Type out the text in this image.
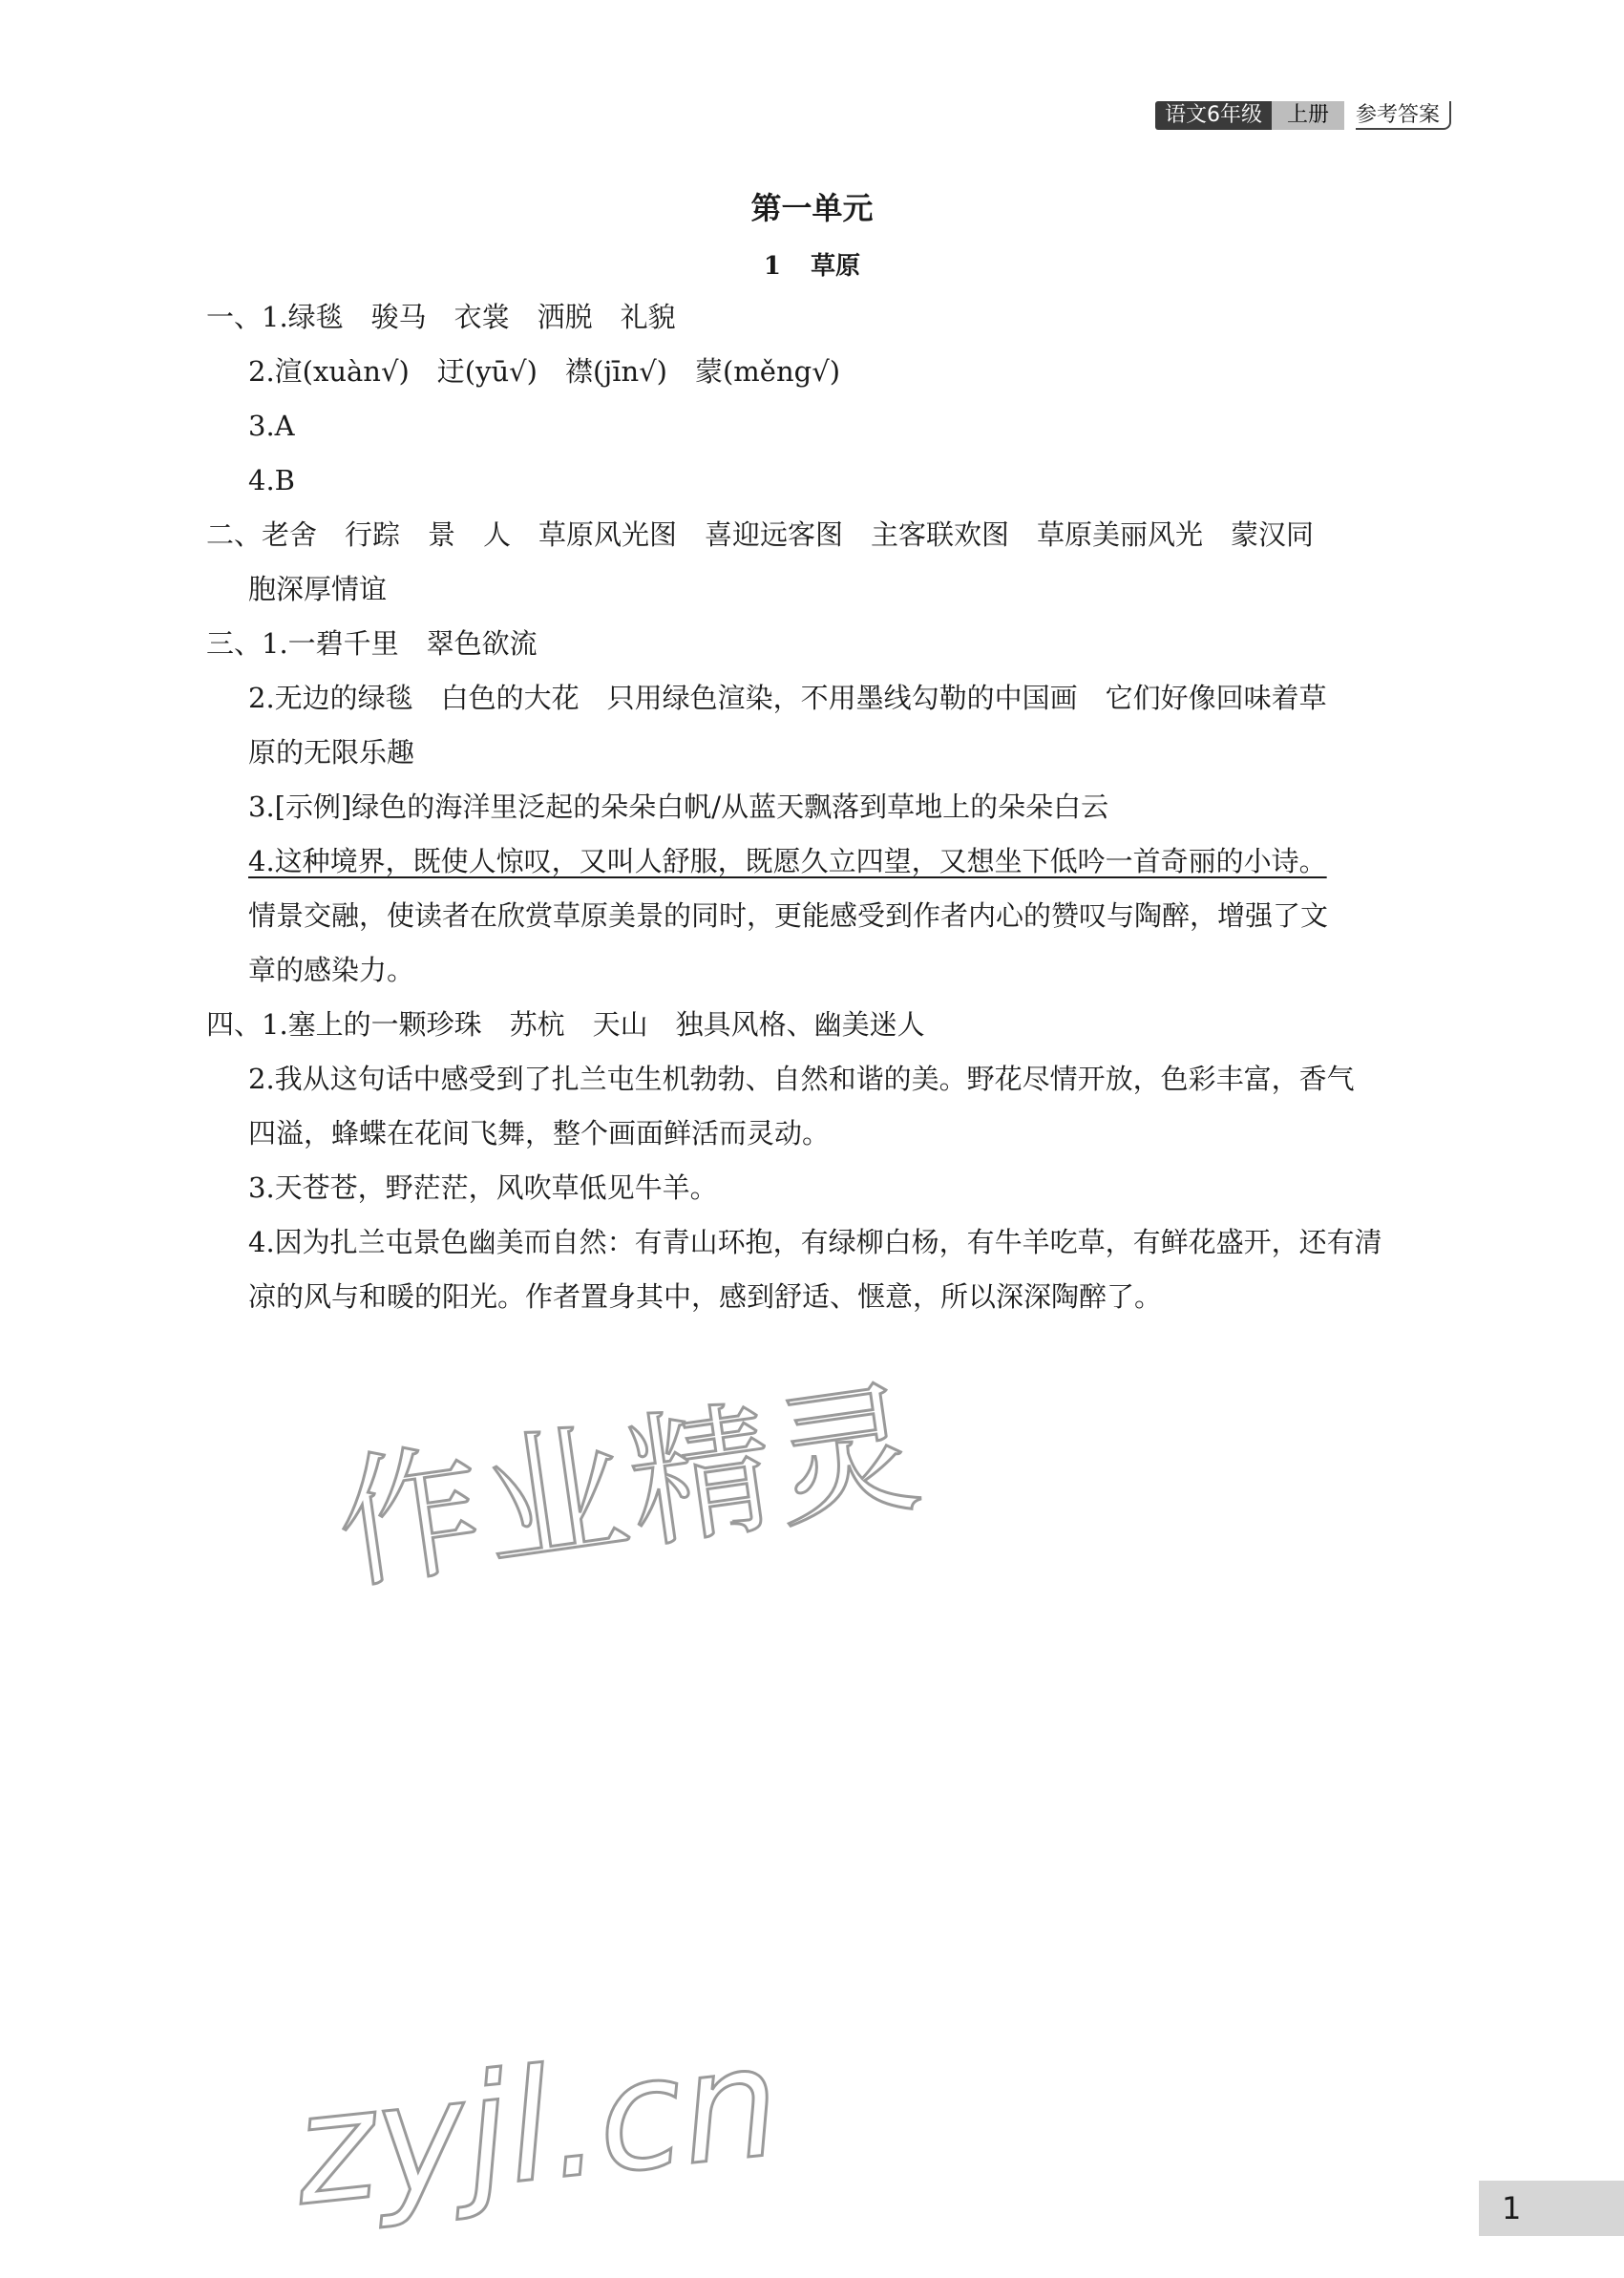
语文6年级	上册	参考答案
第一单元
1 草原
一、1.绿毯　骏马　衣裳　洒脱　礼貌
2.渲(xuàn√)　迂(yū√)　襟(jīn√)　蒙(měng√)
3.A
4.B
二、老舍　行踪　景　人　草原风光图　喜迎远客图　主客联欢图　草原美丽风光　蒙汉同
胞深厚情谊
三、1.一碧千里　翠色欲流
2.无边的绿毯　白色的大花　只用绿色渲染，不用墨线勾勒的中国画　它们好像回味着草
原的无限乐趣
3.[示例]绿色的海洋里泛起的朵朵白帆/从蓝天飘落到草地上的朵朵白云
4.这种境界，既使人惊叹，又叫人舒服，既愿久立四望，又想坐下低吟一首奇丽的小诗。
情景交融，使读者在欣赏草原美景的同时，更能感受到作者内心的赞叹与陶醉，增强了文
章的感染力。
四、1.塞上的一颗珍珠　苏杭　天山　独具风格、幽美迷人
2.我从这句话中感受到了扎兰屯生机勃勃、自然和谐的美。野花尽情开放，色彩丰富，香气
四溢，蜂蝶在花间飞舞，整个画面鲜活而灵动。
3.天苍苍，野茫茫，风吹草低见牛羊。
4.因为扎兰屯景色幽美而自然：有青山环抱，有绿柳白杨，有牛羊吃草，有鲜花盛开，还有清
凉的风与和暖的阳光。作者置身其中，感到舒适、惬意，所以深深陶醉了。
作业精灵
zyjl.cn	1
